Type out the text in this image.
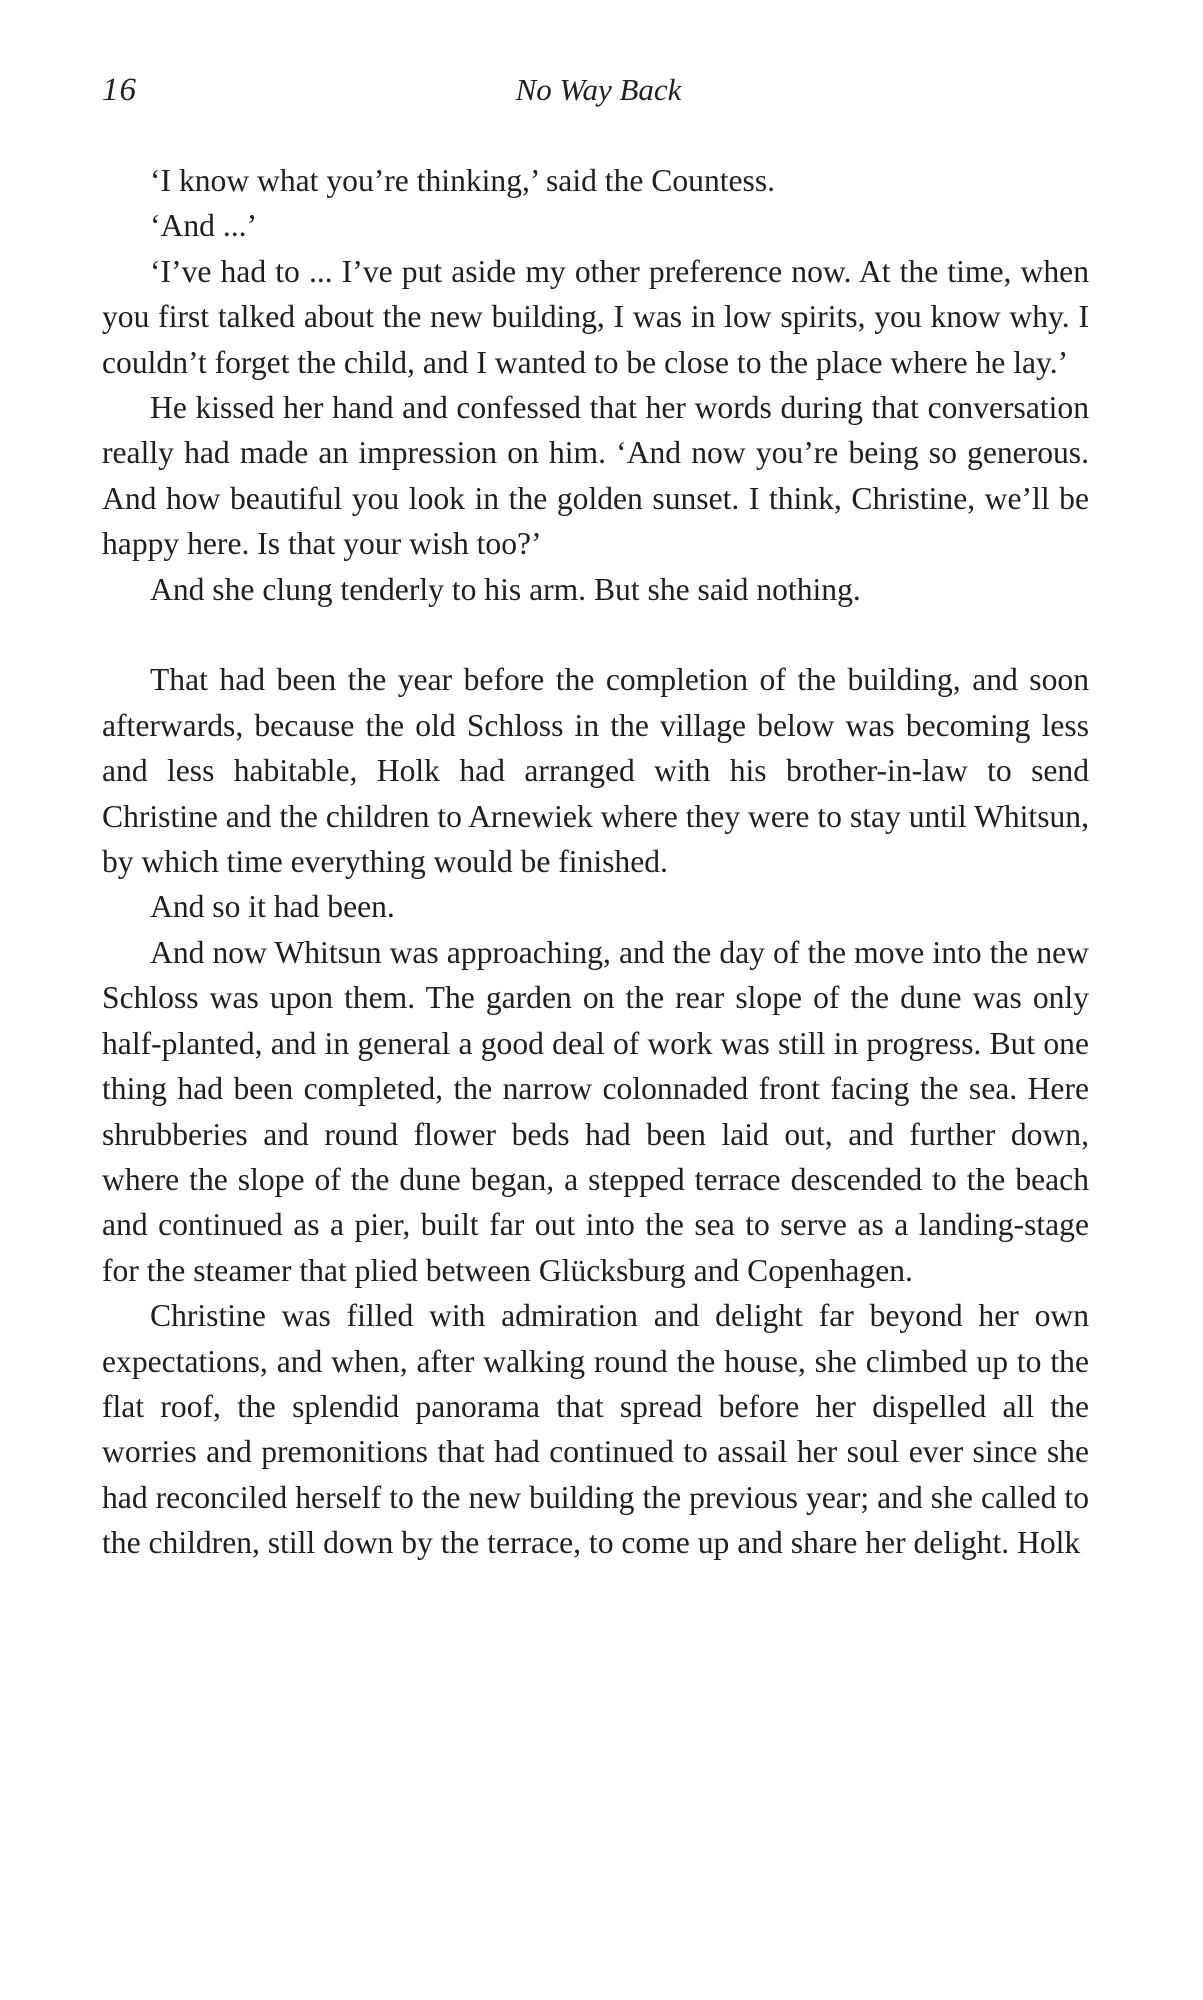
16	No Way Back

‘I know what you’re thinking,’ said the Countess.

‘And ...’

‘I’ve had to ... I’ve put aside my other preference now. At the time, when you first talked about the new building, I was in low spirits, you know why. I couldn’t forget the child, and I wanted to be close to the place where he lay.’

He kissed her hand and confessed that her words during that conversation really had made an impression on him. ‘And now you’re being so generous. And how beautiful you look in the golden sunset. I think, Christine, we’ll be happy here. Is that your wish too?’

And she clung tenderly to his arm. But she said nothing.

That had been the year before the completion of the building, and soon afterwards, because the old Schloss in the village below was becoming less and less habitable, Holk had arranged with his brother-in-law to send Christine and the children to Arnewiek where they were to stay until Whitsun, by which time everything would be finished.

And so it had been.

And now Whitsun was approaching, and the day of the move into the new Schloss was upon them. The garden on the rear slope of the dune was only half-planted, and in general a good deal of work was still in progress. But one thing had been completed, the narrow colonnaded front facing the sea. Here shrubberies and round flower beds had been laid out, and further down, where the slope of the dune began, a stepped terrace descended to the beach and continued as a pier, built far out into the sea to serve as a landing-stage for the steamer that plied between Glücksburg and Copenhagen.

Christine was filled with admiration and delight far beyond her own expectations, and when, after walking round the house, she climbed up to the flat roof, the splendid panorama that spread before her dispelled all the worries and premonitions that had continued to assail her soul ever since she had reconciled herself to the new building the previous year; and she called to the children, still down by the terrace, to come up and share her delight. Holk
